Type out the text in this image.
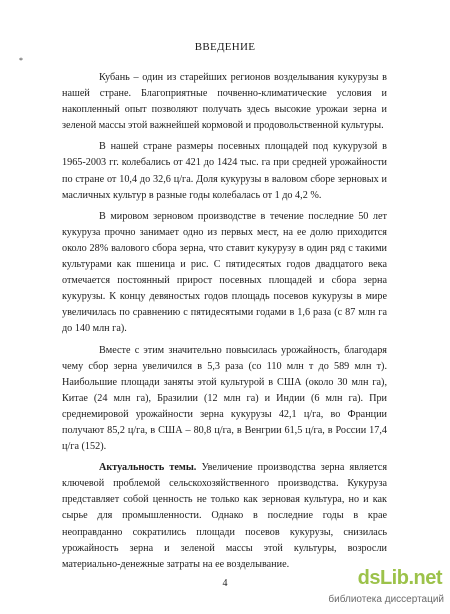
*
ВВЕДЕНИЕ

Кубань – один из старейших регионов возделывания кукурузы в нашей стране. Благоприятные почвенно-климатические условия и накопленный опыт позволяют получать здесь высокие урожаи зерна и зеленой массы этой важнейшей кормовой и продовольственной культуры.

В нашей стране размеры посевных площадей под кукурузой в 1965-2003 гг. колебались от 421 до 1424 тыс. га при средней урожайности по стране от 10,4 до 32,6 ц/га. Доля кукурузы в валовом сборе зерновых и масличных культур в разные годы колебалась от 1 до 4,2 %.

В мировом зерновом производстве в течение последние 50 лет кукуруза прочно занимает одно из первых мест, на ее долю приходится около 28% валового сбора зерна, что ставит кукурузу в один ряд с такими культурами как пшеница и рис. С пятидесятых годов двадцатого века отмечается постоянный прирост посевных площадей и сбора зерна кукурузы. К концу девяностых годов площадь посевов кукурузы в мире увеличилась по сравнению с пятидесятыми годами в 1,6 раза (с 87 млн га до 140 млн га).

Вместе с этим значительно повысилась урожайность, благодаря чему сбор зерна увеличился в 5,3 раза (со 110 млн т до 589 млн т). Наибольшие площади заняты этой культурой в США (около 30 млн га), Китае (24 млн га), Бразилии (12 млн га) и Индии (6 млн га). При среднемировой урожайности зерна кукурузы 42,1 ц/га, во Франции получают 85,2 ц/га, в США – 80,8 ц/га, в Венгрии 61,5 ц/га, в России 17,4 ц/га (152).

Актуальность темы. Увеличение производства зерна является ключевой проблемой сельскохозяйственного производства. Кукуруза представляет собой ценность не только как зерновая культура, но и как сырье для промышленности. Однако в последние годы в крае неоправданно сократились площади посевов кукурузы, снизилась урожайность зерна и зеленой массы этой культуры, возросли материально-денежные затраты на ее возделывание.

4	dsLib.net
библиотека диссертаций
